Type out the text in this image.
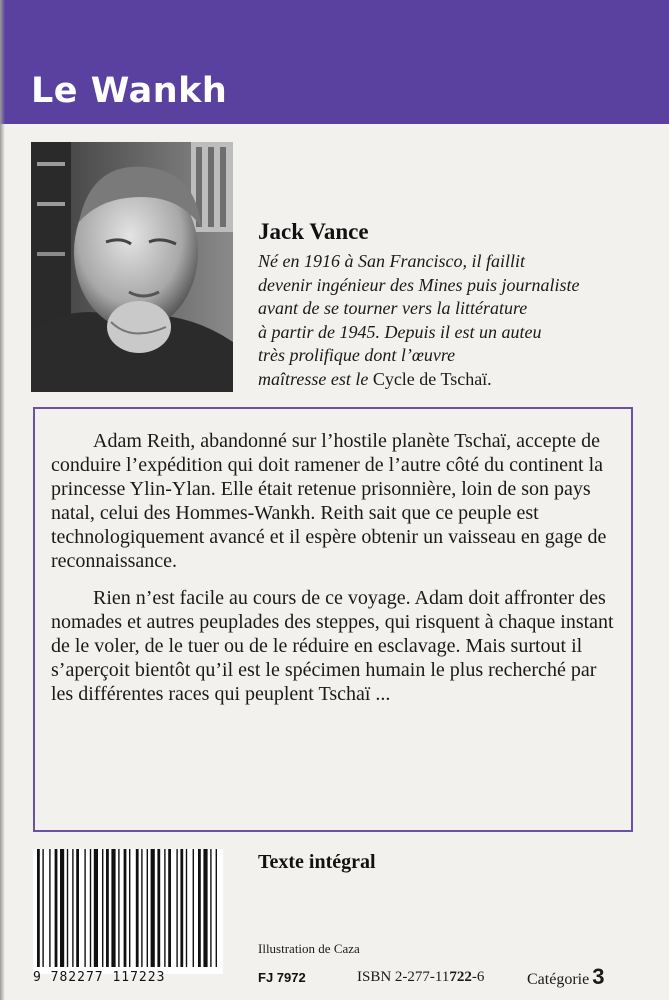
Le Wankh
Jack Vance
Né en 1916 à San Francisco, il faillit
devenir ingénieur des Mines puis journaliste
avant de se tourner vers la littérature
à partir de 1945. Depuis il est un auteu
très prolifique dont l’œuvre
maîtresse est le Cycle de Tschaï.

Adam Reith, abandonné sur l’hostile planète Tschaï, accepte de conduire l’expédition qui doit ramener de l’autre côté du continent la princesse Ylin-Ylan. Elle était retenue prisonnière, loin de son pays natal, celui des Hommes-Wankh. Reith sait que ce peuple est technologiquement avancé et il espère obtenir un vaisseau en gage de reconnaissance.

Rien n’est facile au cours de ce voyage. Adam doit affronter des nomades et autres peuplades des steppes, qui risquent à chaque instant de le voler, de le tuer ou de le réduire en esclavage. Mais surtout il s’aperçoit bientôt qu’il est le spécimen humain le plus recherché par les différentes races qui peuplent Tschaï ...

9 782277 117223
Texte intégral
Illustration de Caza
FJ 7972	ISBN 2-277-11722-6	Catégorie 3
